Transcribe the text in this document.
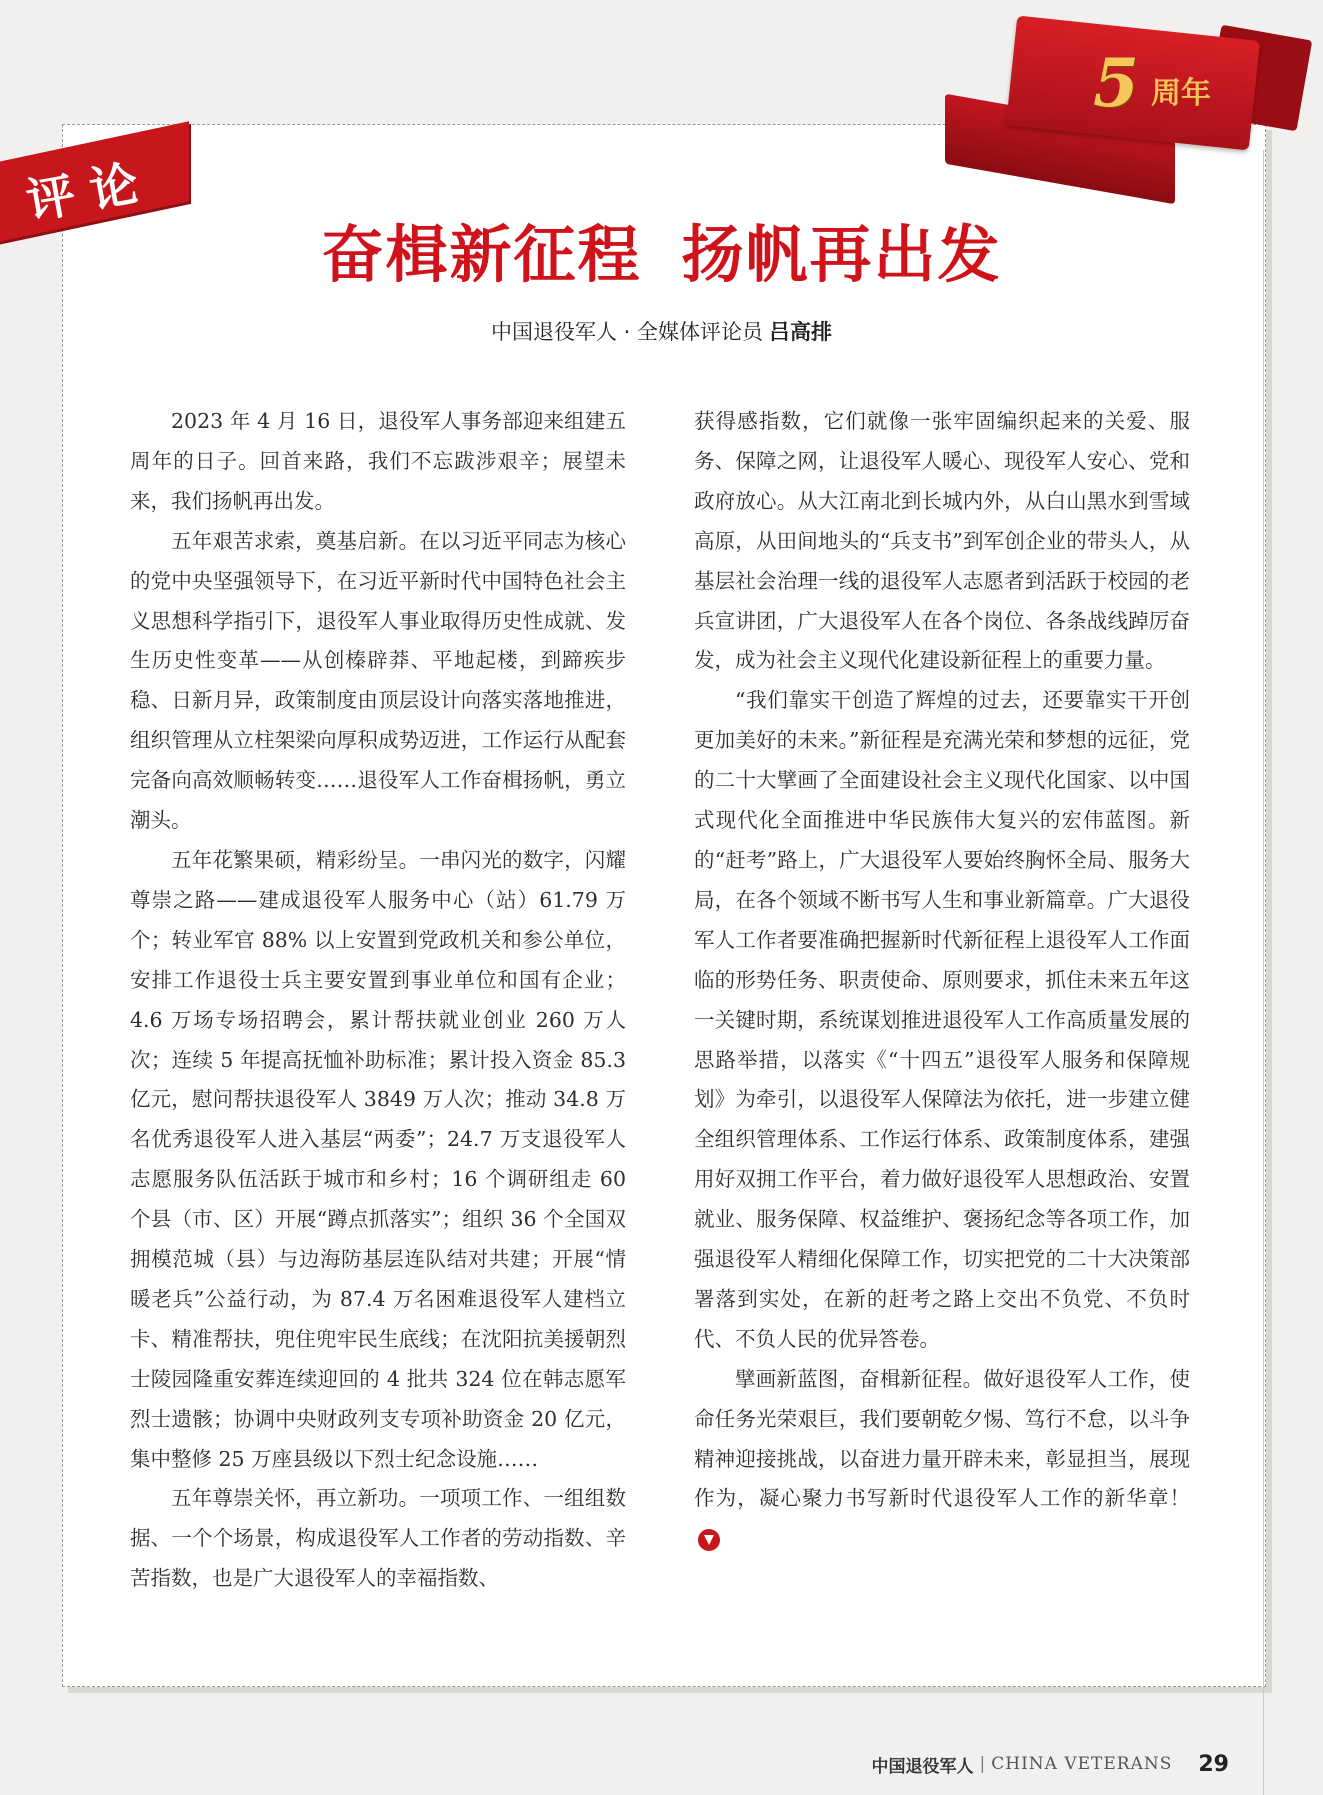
评论
5 周年
奋楫新征程 扬帆再出发
中国退役军人 · 全媒体评论员 吕高排

2023 年 4 月 16 日，退役军人事务部迎来组建五周年的日子。回首来路，我们不忘跋涉艰辛；展望未来，我们扬帆再出发。

五年艰苦求索，奠基启新。在以习近平同志为核心的党中央坚强领导下，在习近平新时代中国特色社会主义思想科学指引下，退役军人事业取得历史性成就、发生历史性变革——从创榛辟莽、平地起楼，到蹄疾步稳、日新月异，政策制度由顶层设计向落实落地推进，组织管理从立柱架梁向厚积成势迈进，工作运行从配套完备向高效顺畅转变……退役军人工作奋楫扬帆，勇立潮头。

五年花繁果硕，精彩纷呈。一串闪光的数字，闪耀尊崇之路——建成退役军人服务中心（站）61.79 万个；转业军官 88% 以上安置到党政机关和参公单位，安排工作退役士兵主要安置到事业单位和国有企业；4.6 万场专场招聘会，累计帮扶就业创业 260 万人次；连续 5 年提高抚恤补助标准；累计投入资金 85.3 亿元，慰问帮扶退役军人 3849 万人次；推动 34.8 万名优秀退役军人进入基层“两委”；24.7 万支退役军人志愿服务队伍活跃于城市和乡村；16 个调研组走 60 个县（市、区）开展“蹲点抓落实”；组织 36 个全国双拥模范城（县）与边海防基层连队结对共建；开展“情暖老兵”公益行动，为 87.4 万名困难退役军人建档立卡、精准帮扶，兜住兜牢民生底线；在沈阳抗美援朝烈士陵园隆重安葬连续迎回的 4 批共 324 位在韩志愿军烈士遗骸；协调中央财政列支专项补助资金 20 亿元，集中整修 25 万座县级以下烈士纪念设施……

五年尊崇关怀，再立新功。一项项工作、一组组数据、一个个场景，构成退役军人工作者的劳动指数、辛苦指数，也是广大退役军人的幸福指数、

获得感指数，它们就像一张牢固编织起来的关爱、服务、保障之网，让退役军人暖心、现役军人安心、党和政府放心。从大江南北到长城内外，从白山黑水到雪域高原，从田间地头的“兵支书”到军创企业的带头人，从基层社会治理一线的退役军人志愿者到活跃于校园的老兵宣讲团，广大退役军人在各个岗位、各条战线踔厉奋发，成为社会主义现代化建设新征程上的重要力量。

“我们靠实干创造了辉煌的过去，还要靠实干开创更加美好的未来。”新征程是充满光荣和梦想的远征，党的二十大擘画了全面建设社会主义现代化国家、以中国式现代化全面推进中华民族伟大复兴的宏伟蓝图。新的“赶考”路上，广大退役军人要始终胸怀全局、服务大局，在各个领域不断书写人生和事业新篇章。广大退役军人工作者要准确把握新时代新征程上退役军人工作面临的形势任务、职责使命、原则要求，抓住未来五年这一关键时期，系统谋划推进退役军人工作高质量发展的思路举措，以落实《“十四五”退役军人服务和保障规划》为牵引，以退役军人保障法为依托，进一步建立健全组织管理体系、工作运行体系、政策制度体系，建强用好双拥工作平台，着力做好退役军人思想政治、安置就业、服务保障、权益维护、褒扬纪念等各项工作，加强退役军人精细化保障工作，切实把党的二十大决策部署落到实处，在新的赶考之路上交出不负党、不负时代、不负人民的优异答卷。

擘画新蓝图，奋楫新征程。做好退役军人工作，使命任务光荣艰巨，我们要朝乾夕惕、笃行不怠，以斗争精神迎接挑战，以奋进力量开辟未来，彰显担当，展现作为，凝心聚力书写新时代退役军人工作的新华章！

中国退役军人 | CHINA VETERANS 29
